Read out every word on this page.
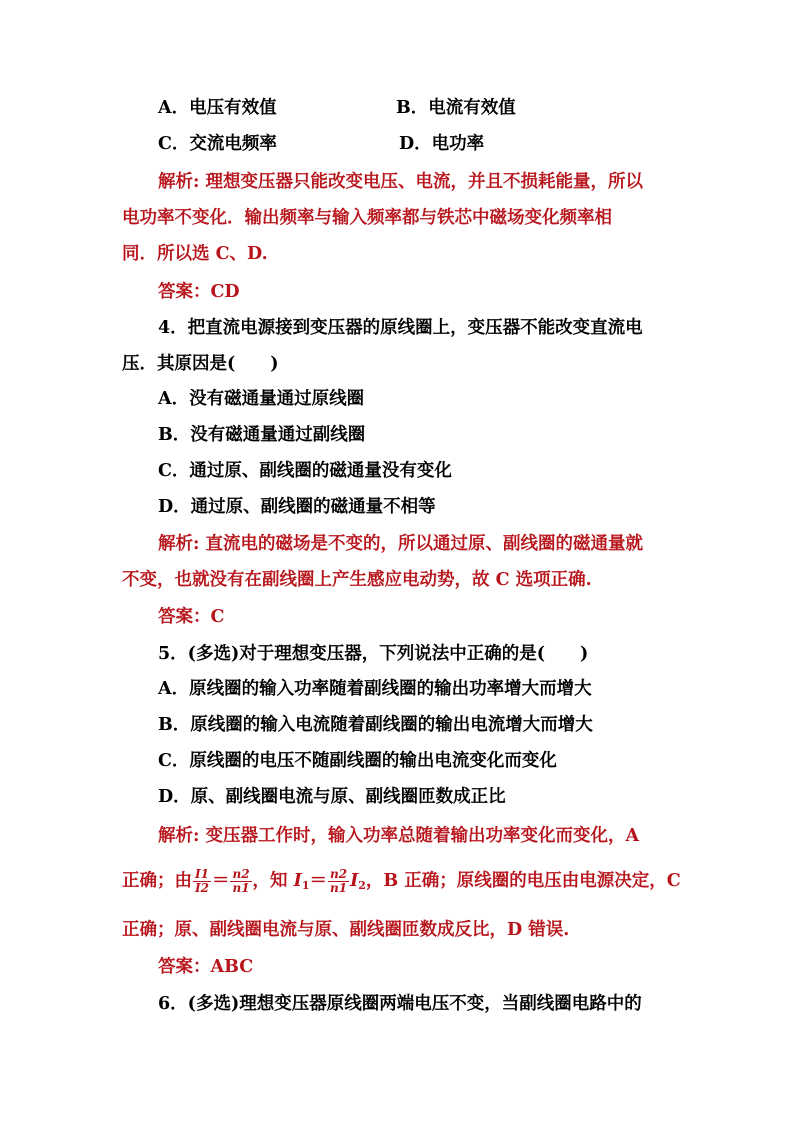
A．电压有效值	B．电流有效值
C．交流电频率	D．电功率
解析: 理想变压器只能改变电压、电流，并且不损耗能量，所以
电功率不变化．输出频率与输入频率都与铁芯中磁场变化频率相
同．所以选 C、D.
答案：CD
4．把直流电源接到变压器的原线圈上，变压器不能改变直流电
压．其原因是(　　)
A．没有磁通量通过原线圈
B．没有磁通量通过副线圈
C．通过原、副线圈的磁通量没有变化
D．通过原、副线圈的磁通量不相等
解析: 直流电的磁场是不变的，所以通过原、副线圈的磁通量就
不变，也就没有在副线圈上产生感应电动势，故 C 选项正确.
答案：C
5．(多选)对于理想变压器，下列说法中正确的是(　　)
A．原线圈的输入功率随着副线圈的输出功率增大而增大
B．原线圈的输入电流随着副线圈的输出电流增大而增大
C．原线圈的电压不随副线圈的输出电流变化而变化
D．原、副线圈电流与原、副线圈匝数成正比
解析: 变压器工作时，输入功率总随着输出功率变化而变化，A
正确；由 $\frac{I1}{I2} = \frac{n2}{n1}$ ，知 $I_1= \frac{n2}{n1} I_2$，B 正确；原线圈的电压由电源决定，C
正确；原、副线圈电流与原、副线圈匝数成反比，D 错误.
答案：ABC
6．(多选)理想变压器原线圈两端电压不变，当副线圈电路中的
